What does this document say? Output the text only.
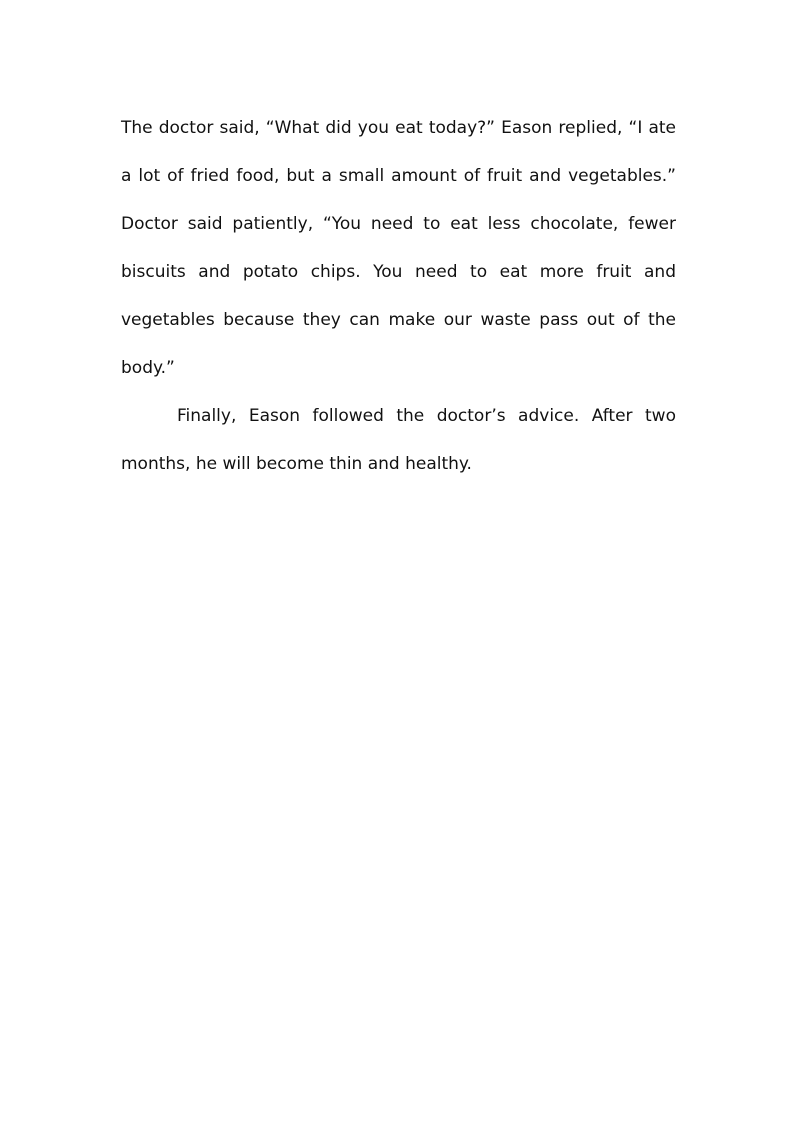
The doctor said, “What did you eat today?” Eason replied, “I ate a lot of fried food, but a small amount of fruit and vegetables.” Doctor said patiently, “You need to eat less chocolate, fewer biscuits and potato chips. You need to eat more fruit and vegetables because they can make our waste pass out of the body.”

Finally, Eason followed the doctor’s advice. After two months, he will become thin and healthy.
